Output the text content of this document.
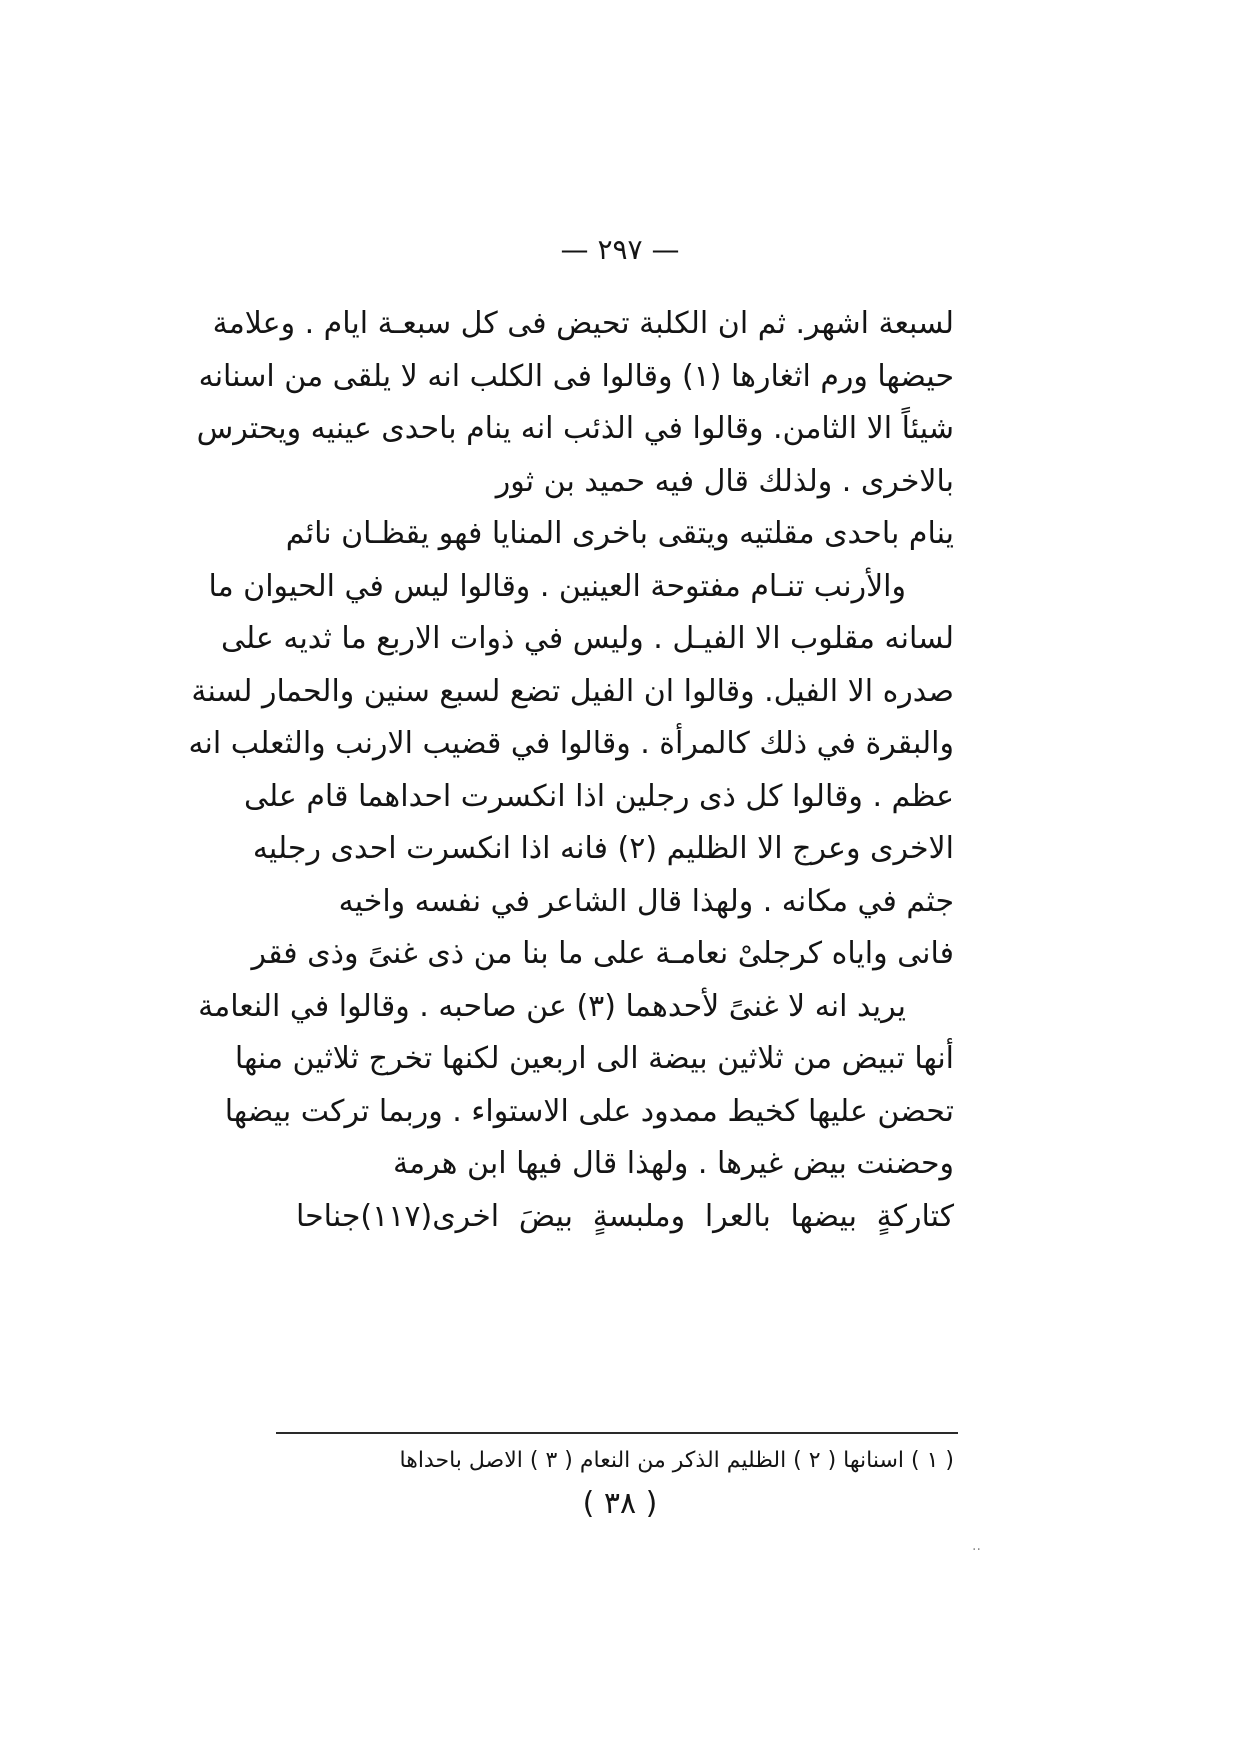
— ٢٩٧ —
لسبعة اشهر. ثم ان الكلبة تحيض فى كل سبعـة ايام . وعلامة
حيضها ورم اثغارها (١) وقالوا فى الكلب انه لا يلقى من اسنانه
شيئاً الا الثامن. وقالوا في الذئب انه ينام باحدى عينيه ويحترس
بالاخرى . ولذلك قال فيه حميد بن ثور
ينام باحدى مقلتيه ويتقى باخرى المنايا فهو يقظـان نائم
والأرنب تنـام مفتوحة العينين . وقالوا ليس في الحيوان ما
لسانه مقلوب الا الفيـل . وليس في ذوات الاربع ما ثديه على
صدره الا الفيل. وقالوا ان الفيل تضع لسبع سنين والحمار لسنة
والبقرة في ذلك كالمرأة . وقالوا في قضيب الارنب والثعلب انه
عظم . وقالوا كل ذى رجلين اذا انكسرت احداهما قام على
الاخرى وعرج الا الظليم (٢) فانه اذا انكسرت احدى رجليه
جثم في مكانه . ولهذا قال الشاعر في نفسه واخيه
فانى واياه كرجلىْ نعامـة على ما بنا من ذى غنىً وذى فقر
يريد انه لا غنىً لأحدهما (٣) عن صاحبه . وقالوا في النعامة
أنها تبيض من ثلاثين بيضة الى اربعين لكنها تخرج ثلاثين منها
تحضن عليها كخيط ممدود على الاستواء . وربما تركت بيضها
وحضنت بيض غيرها . ولهذا قال فيها ابن هرمة
كتاركةٍ بيضها بالعرا وملبسةٍ بيضَ اخرى(١١٧)جناحا
( ١ ) اسنانها ( ٢ ) الظليم الذكر من النعام ( ٣ ) الاصل باحداها
( ٣٨ )
..
